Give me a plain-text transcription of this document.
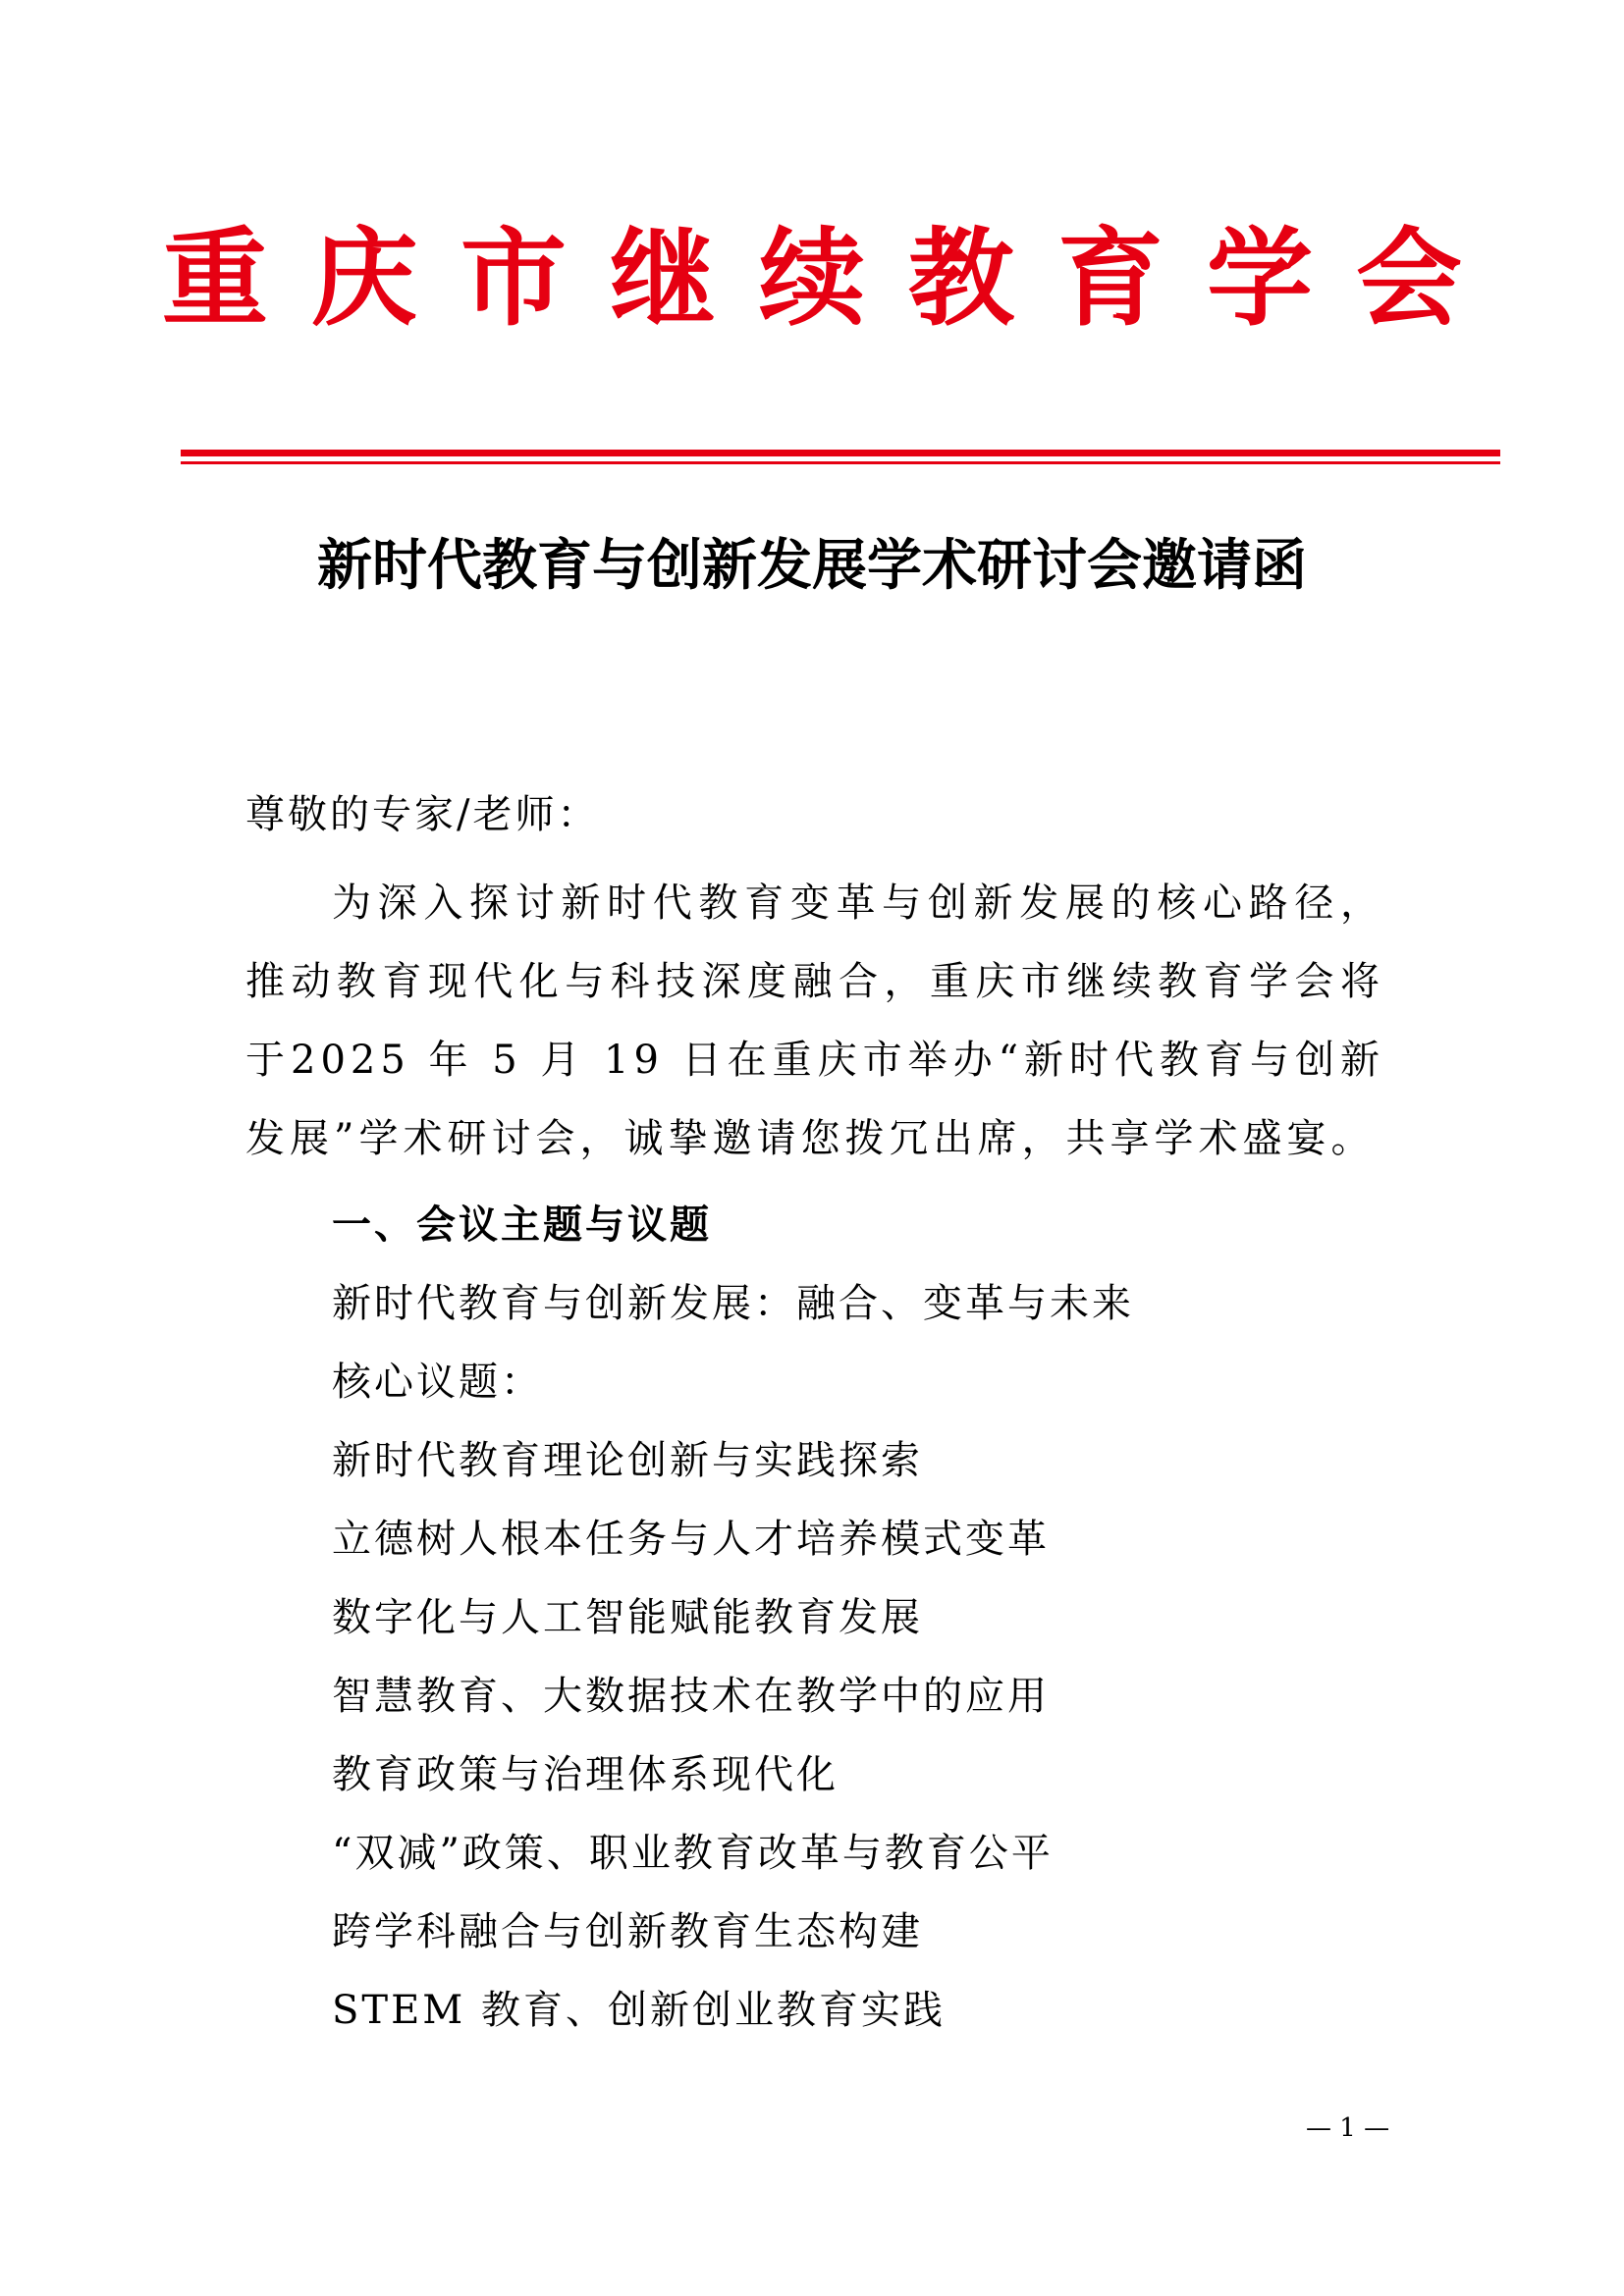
重庆市继续教育学会
新时代教育与创新发展学术研讨会邀请函
尊敬的专家/老师：
为深入探讨新时代教育变革与创新发展的核心路径，推动教育现代化与科技深度融合，重庆市继续教育学会将于2025 年 5 月 19 日在重庆市举办“新时代教育与创新发展”学术研讨会，诚挚邀请您拨冗出席，共享学术盛宴。
一、会议主题与议题
新时代教育与创新发展：融合、变革与未来
核心议题：
新时代教育理论创新与实践探索
立德树人根本任务与人才培养模式变革
数字化与人工智能赋能教育发展
智慧教育、大数据技术在教学中的应用
教育政策与治理体系现代化
“双减”政策、职业教育改革与教育公平
跨学科融合与创新教育生态构建
STEM 教育、创新创业教育实践
— 1 —
